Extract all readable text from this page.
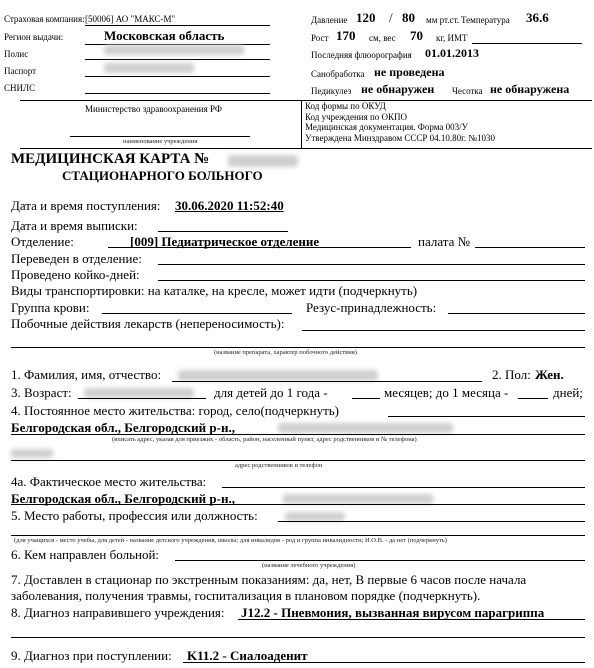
Страховая компания: [50006] АО "МАКС-М"
Регион выдачи:	Московская область
Полис
Паспорт
СНИЛС
Давление 120 / 80 мм рт.ст. Температура 36.6
Рост 170 см, вес 70 кг, ИМТ
Последняя флюорография 01.01.2013
Санобработка не проведена
Педикулез не обнаружен Чесотка не обнаружена
Министерство здравоохранения РФ
наименование учреждения
Код формы по ОКУД
Код учреждения по ОКПО
Медицинская документация. Форма 003/У
Утверждена Минздравом СССР 04.10.80г. №1030
МЕДИЦИНСКАЯ КАРТА №
СТАЦИОНАРНОГО БОЛЬНОГО
Дата и время поступления: 30.06.2020 11:52:40
Дата и время выписки:
Отделение:	[009] Педиатрическое отделение	палата №
Переведен в отделение:
Проведено койко-дней:
Виды транспортировки: на каталке, на кресле, может идти (подчеркнуть)
Группа крови:	Резус-принадлежность:
Побочные действия лекарств (непереносимость):
(название препарата, характер побочного действия)
1. Фамилия, имя, отчество:	2. Пол: Жен.
3. Возраст:	для детей до 1 года -	месяцев; до 1 месяца -	дней;
4. Постоянное место жительства: город, село(подчеркнуть)
Белгородская обл., Белгородский р-н.,
(вписать адрес, указав для приезжих - область, район, населенный пункт, адрес родственников и № телефона)
адрес родственников и телефон
4а. Фактическое место жительства:
Белгородская обл., Белгородский р-н.,
5. Место работы, профессия или должность:
(для учащихся - место учебы, для детей - название детского учреждения, школы; для инвалидов - род и группа инвалидности; И.О.В. - да нет (подчеркнуть)
6. Кем направлен больной:
(название лечебного учреждения)
7. Доставлен в стационар по экстренным показаниям: да, нет, В первые 6 часов после начала
заболевания, получения травмы, госпитализация в плановом порядке (подчеркнуть).
8. Диагноз направившего учреждения: J12.2 - Пневмония, вызванная вирусом парагриппа
9. Диагноз при поступлении: K11.2 - Сиалоаденит
